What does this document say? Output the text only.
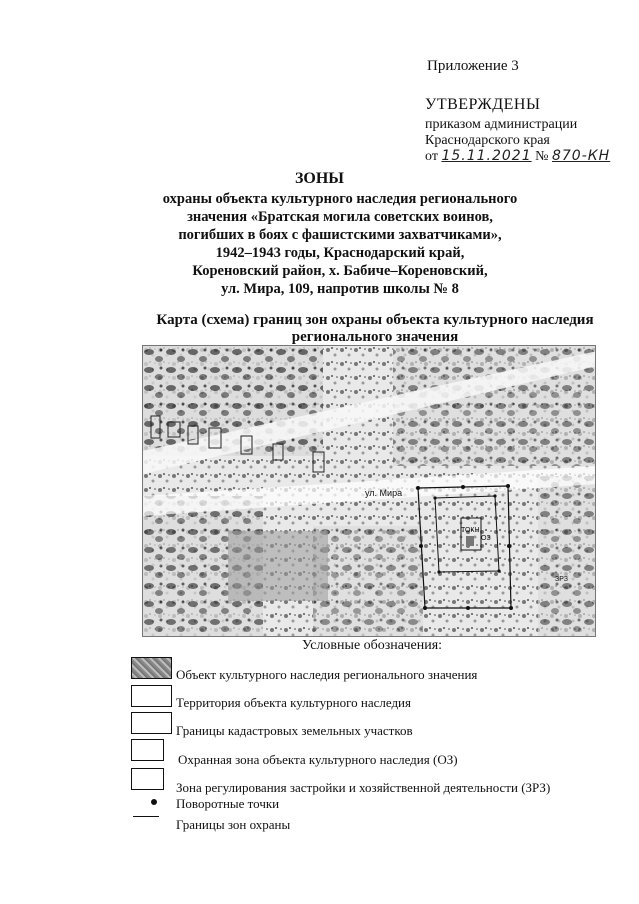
Приложение 3
УТВЕРЖДЕНЫ
приказом администрации
Краснодарского края
от 15.11.2021 № 870-КН
ЗОНЫ
охраны объекта культурного наследия регионального
значения «Братская могила советских воинов,
погибших в боях с фашистскими захватчиками»,
1942–1943 годы, Краснодарский край,
Кореновский район, х. Бабиче–Кореновский,
ул. Мира, 109, напротив школы № 8
Карта (схема) границ зон охраны объекта культурного наследия
регионального значения
ул. Мира
ТОКН
ОЗ
ЗРЗ
Условные обозначения:
Объект культурного наследия регионального значения
Территория объекта культурного наследия
Границы кадастровых земельных участков
Охранная зона объекта культурного наследия (ОЗ)
Зона регулирования застройки и хозяйственной деятельности (ЗРЗ)
Поворотные точки
Границы зон охраны
